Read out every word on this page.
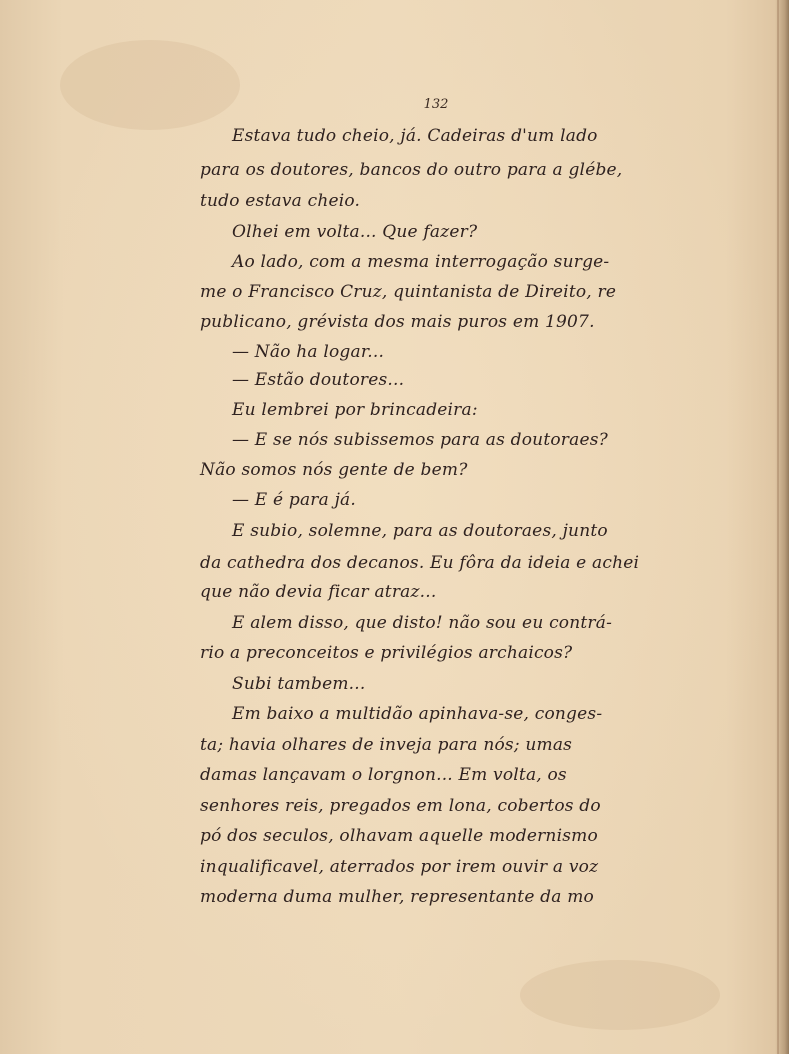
132
Estava tudo cheio, já. Cadeiras d'um lado
para os doutores, bancos do outro para a glébe,
tudo estava cheio.
Olhei em volta... Que fazer?
Ao lado, com a mesma interrogação surge-
me o Francisco Cruz, quintanista de Direito, re
publicano, grévista dos mais puros em 1907.
— Não ha logar...
— Estão doutores...
Eu lembrei por brincadeira:
— E se nós subissemos para as doutoraes?
Não somos nós gente de bem?
— E é para já.
E subio, solemne, para as doutoraes, junto
da cathedra dos decanos. Eu fôra da ideia e achei
que não devia ficar atraz...
E alem disso, que disto! não sou eu contrá-
rio a preconceitos e privilégios archaicos?
Subi tambem...
Em baixo a multidão apinhava-se, conges-
ta; havia olhares de inveja para nós; umas
damas lançavam o lorgnon... Em volta, os
senhores reis, pregados em lona, cobertos do
pó dos seculos, olhavam aquelle modernismo
inqualificavel, aterrados por irem ouvir a voz
moderna duma mulher, representante da mo
